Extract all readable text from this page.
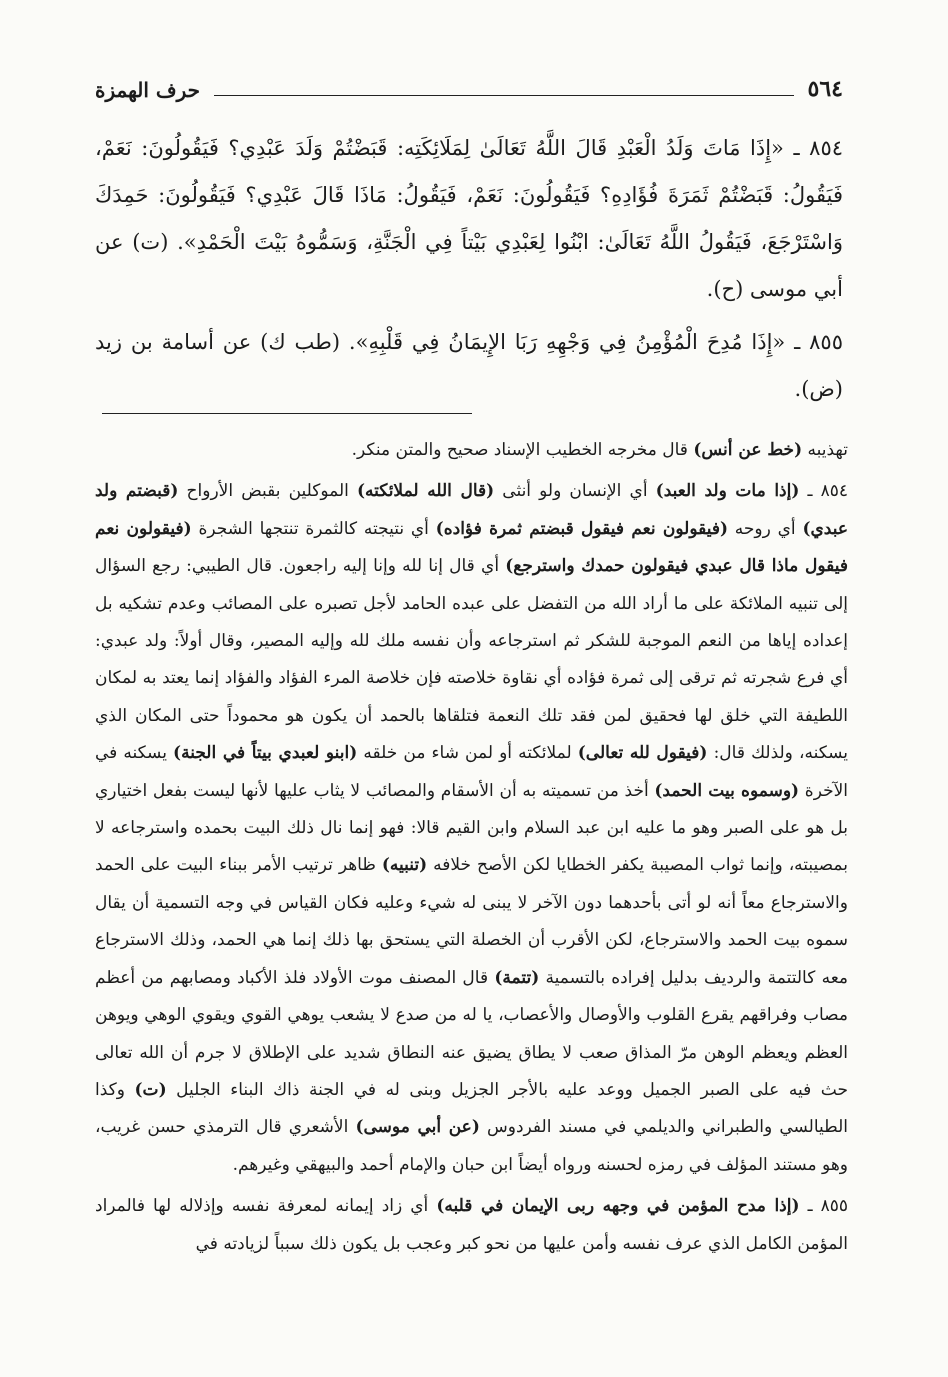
٥٦٤
حرف الهمزة

٨٥٤ ـ «إِذَا مَاتَ وَلَدُ الْعَبْدِ قَالَ اللَّهُ تَعَالَىٰ لِمَلَائِكَتِه: قَبَضْتُمْ وَلَدَ عَبْدِي؟ فَيَقُولُونَ: نَعَمْ، فَيَقُولُ: قَبَضْتُمْ ثَمَرَةَ فُؤَادِهِ؟ فَيَقُولُونَ: نَعَمْ، فَيَقُولُ: مَاذَا قَالَ عَبْدِي؟ فَيَقُولُونَ: حَمِدَكَ وَاسْتَرْجَعَ، فَيَقُولُ اللَّهُ تَعَالَىٰ: ابْنُوا لِعَبْدِي بَيْتاً فِي الْجَنَّةِ، وَسَمُّوهُ بَيْتَ الْحَمْدِ». (ت) عن أبي موسى (ح).

٨٥٥ ـ «إِذَا مُدِحَ الْمُؤْمِنُ فِي وَجْهِهِ رَبَا الإِيمَانُ فِي قَلْبِهِ». (طب ك) عن أسامة بن زيد (ض).

تهذيبه (خط عن أنس) قال مخرجه الخطيب الإسناد صحيح والمتن منكر.

٨٥٤ ـ (إذا مات ولد العبد) أي الإنسان ولو أنثى (قال الله لملائكته) الموكلين بقبض الأرواح (قبضتم ولد عبدي) أي روحه (فيقولون نعم فيقول قبضتم ثمرة فؤاده) أي نتيجته كالثمرة تنتجها الشجرة (فيقولون نعم فيقول ماذا قال عبدي فيقولون حمدك واسترجع) أي قال إنا لله وإنا إليه راجعون. قال الطيبي: رجع السؤال إلى تنبيه الملائكة على ما أراد الله من التفضل على عبده الحامد لأجل تصبره على المصائب وعدم تشكيه بل إعداده إياها من النعم الموجبة للشكر ثم استرجاعه وأن نفسه ملك لله وإليه المصير، وقال أولاً: ولد عبدي: أي فرع شجرته ثم ترقى إلى ثمرة فؤاده أي نقاوة خلاصته فإن خلاصة المرء الفؤاد والفؤاد إنما يعتد به لمكان اللطيفة التي خلق لها فحقيق لمن فقد تلك النعمة فتلقاها بالحمد أن يكون هو محموداً حتى المكان الذي يسكنه، ولذلك قال: (فيقول لله تعالى) لملائكته أو لمن شاء من خلقه (ابنو لعبدي بيتاً في الجنة) يسكنه في الآخرة (وسموه بيت الحمد) أخذ من تسميته به أن الأسقام والمصائب لا يثاب عليها لأنها ليست بفعل اختياري بل هو على الصبر وهو ما عليه ابن عبد السلام وابن القيم قالا: فهو إنما نال ذلك البيت بحمده واسترجاعه لا بمصيبته، وإنما ثواب المصيبة يكفر الخطايا لكن الأصح خلافه (تنبيه) ظاهر ترتيب الأمر ببناء البيت على الحمد والاسترجاع معاً أنه لو أتى بأحدهما دون الآخر لا يبنى له شيء وعليه فكان القياس في وجه التسمية أن يقال سموه بيت الحمد والاسترجاع، لكن الأقرب أن الخصلة التي يستحق بها ذلك إنما هي الحمد، وذلك الاسترجاع معه كالتتمة والرديف بدليل إفراده بالتسمية (تتمة) قال المصنف موت الأولاد فلذ الأكباد ومصابهم من أعظم مصاب وفراقهم يقرع القلوب والأوصال والأعصاب، يا له من صدع لا يشعب يوهي القوي ويقوي الوهي ويوهن العظم ويعظم الوهن مرّ المذاق صعب لا يطاق يضيق عنه النطاق شديد على الإطلاق لا جرم أن الله تعالى حث فيه على الصبر الجميل ووعد عليه بالأجر الجزيل وبنى له في الجنة ذاك البناء الجليل (ت) وكذا الطيالسي والطبراني والديلمي في مسند الفردوس (عن أبي موسى) الأشعري قال الترمذي حسن غريب، وهو مستند المؤلف في رمزه لحسنه ورواه أيضاً ابن حبان والإمام أحمد والبيهقي وغيرهم.

٨٥٥ ـ (إذا مدح المؤمن في وجهه ربى الإيمان في قلبه) أي زاد إيمانه لمعرفة نفسه وإذلاله لها فالمراد المؤمن الكامل الذي عرف نفسه وأمن عليها من نحو كبر وعجب بل يكون ذلك سبباً لزيادته في
